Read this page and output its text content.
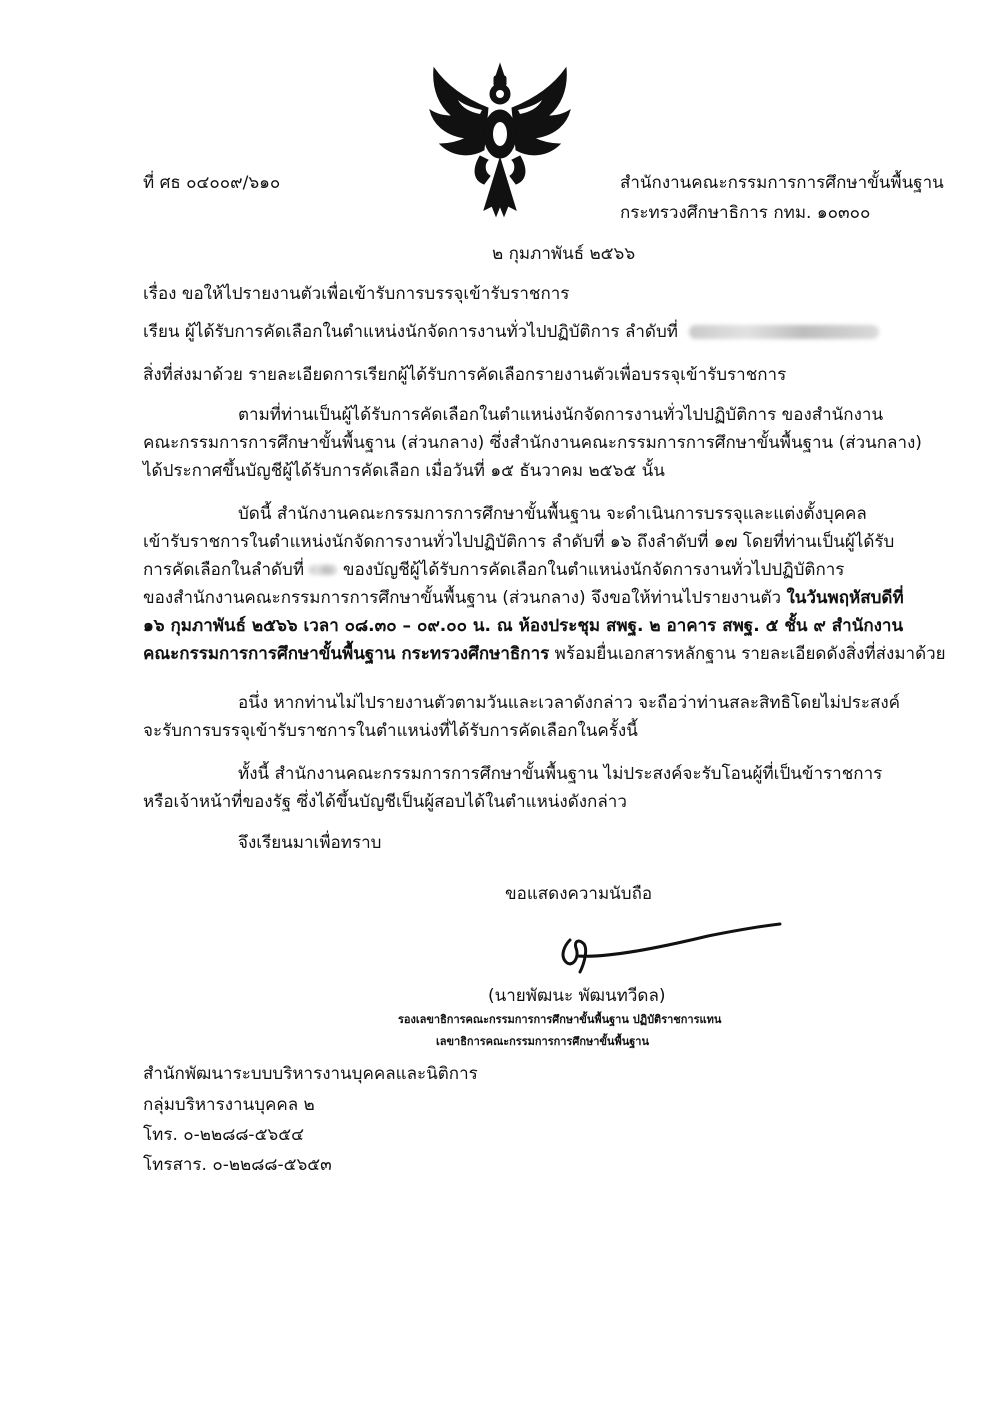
ที่ ศธ ๐๔๐๐๙/๖๑๐	สำนักงานคณะกรรมการการศึกษาขั้นพื้นฐาน
กระทรวงศึกษาธิการ กทม. ๑๐๓๐๐
๒ กุมภาพันธ์ ๒๕๖๖
เรื่อง ขอให้ไปรายงานตัวเพื่อเข้ารับการบรรจุเข้ารับราชการ
เรียน ผู้ได้รับการคัดเลือกในตำแหน่งนักจัดการงานทั่วไปปฏิบัติการ ลำดับที่
สิ่งที่ส่งมาด้วย รายละเอียดการเรียกผู้ได้รับการคัดเลือกรายงานตัวเพื่อบรรจุเข้ารับราชการ
ตามที่ท่านเป็นผู้ได้รับการคัดเลือกในตำแหน่งนักจัดการงานทั่วไปปฏิบัติการ ของสำนักงาน
คณะกรรมการการศึกษาขั้นพื้นฐาน (ส่วนกลาง) ซึ่งสำนักงานคณะกรรมการการศึกษาขั้นพื้นฐาน (ส่วนกลาง)
ได้ประกาศขึ้นบัญชีผู้ได้รับการคัดเลือก เมื่อวันที่ ๑๕ ธันวาคม ๒๕๖๕ นั้น
บัดนี้ สำนักงานคณะกรรมการการศึกษาขั้นพื้นฐาน จะดำเนินการบรรจุและแต่งตั้งบุคคล
เข้ารับราชการในตำแหน่งนักจัดการงานทั่วไปปฏิบัติการ ลำดับที่ ๑๖ ถึงลำดับที่ ๑๗ โดยที่ท่านเป็นผู้ได้รับ
การคัดเลือกในลำดับที่ ของบัญชีผู้ได้รับการคัดเลือกในตำแหน่งนักจัดการงานทั่วไปปฏิบัติการ
ของสำนักงานคณะกรรมการการศึกษาขั้นพื้นฐาน (ส่วนกลาง) จึงขอให้ท่านไปรายงานตัว ในวันพฤหัสบดีที่
๑๖ กุมภาพันธ์ ๒๕๖๖ เวลา ๐๘.๓๐ – ๐๙.๐๐ น. ณ ห้องประชุม สพฐ. ๒ อาคาร สพฐ. ๕ ชั้น ๙ สำนักงาน
คณะกรรมการการศึกษาขั้นพื้นฐาน กระทรวงศึกษาธิการ พร้อมยื่นเอกสารหลักฐาน รายละเอียดดังสิ่งที่ส่งมาด้วย
อนึ่ง หากท่านไม่ไปรายงานตัวตามวันและเวลาดังกล่าว จะถือว่าท่านสละสิทธิโดยไม่ประสงค์
จะรับการบรรจุเข้ารับราชการในตำแหน่งที่ได้รับการคัดเลือกในครั้งนี้
ทั้งนี้ สำนักงานคณะกรรมการการศึกษาขั้นพื้นฐาน ไม่ประสงค์จะรับโอนผู้ที่เป็นข้าราชการ
หรือเจ้าหน้าที่ของรัฐ ซึ่งได้ขึ้นบัญชีเป็นผู้สอบได้ในตำแหน่งดังกล่าว
จึงเรียนมาเพื่อทราบ
ขอแสดงความนับถือ
(นายพัฒนะ พัฒนทวีดล)
รองเลขาธิการคณะกรรมการการศึกษาขั้นพื้นฐาน ปฏิบัติราชการแทน
เลขาธิการคณะกรรมการการศึกษาขั้นพื้นฐาน
สำนักพัฒนาระบบบริหารงานบุคคลและนิติการ
กลุ่มบริหารงานบุคคล ๒
โทร. ๐-๒๒๘๘-๕๖๕๔
โทรสาร. ๐-๒๒๘๘-๕๖๕๓
